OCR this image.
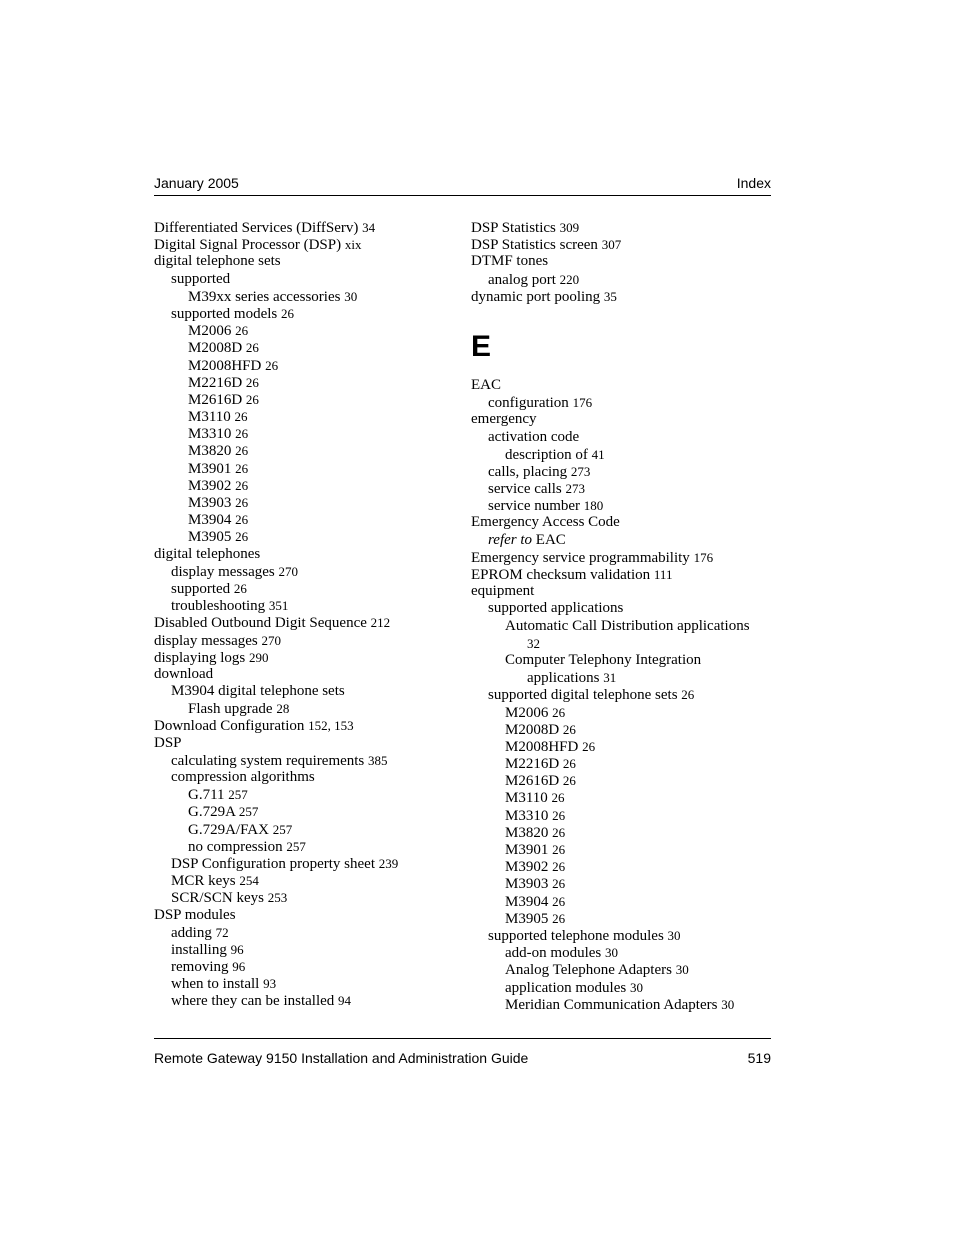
January 2005	Index
Differentiated Services (DiffServ) 34
Digital Signal Processor (DSP) xix
digital telephone sets
supported
M39xx series accessories 30
supported models 26
M2006 26
M2008D 26
M2008HFD 26
M2216D 26
M2616D 26
M3110 26
M3310 26
M3820 26
M3901 26
M3902 26
M3903 26
M3904 26
M3905 26
digital telephones
display messages 270
supported 26
troubleshooting 351
Disabled Outbound Digit Sequence 212
display messages 270
displaying logs 290
download
M3904 digital telephone sets
Flash upgrade 28
Download Configuration 152, 153
DSP
calculating system requirements 385
compression algorithms
G.711 257
G.729A 257
G.729A/FAX 257
no compression 257
DSP Configuration property sheet 239
MCR keys 254
SCR/SCN keys 253
DSP modules
adding 72
installing 96
removing 96
when to install 93
where they can be installed 94
DSP Statistics 309
DSP Statistics screen 307
DTMF tones
analog port 220
dynamic port pooling 35
E
EAC
configuration 176
emergency
activation code
description of 41
calls, placing 273
service calls 273
service number 180
Emergency Access Code
refer to EAC
Emergency service programmability 176
EPROM checksum validation 111
equipment
supported applications
Automatic Call Distribution applications
32
Computer Telephony Integration
applications 31
supported digital telephone sets 26
M2006 26
M2008D 26
M2008HFD 26
M2216D 26
M2616D 26
M3110 26
M3310 26
M3820 26
M3901 26
M3902 26
M3903 26
M3904 26
M3905 26
supported telephone modules 30
add-on modules 30
Analog Telephone Adapters 30
application modules 30
Meridian Communication Adapters 30
Remote Gateway 9150 Installation and Administration Guide	519
